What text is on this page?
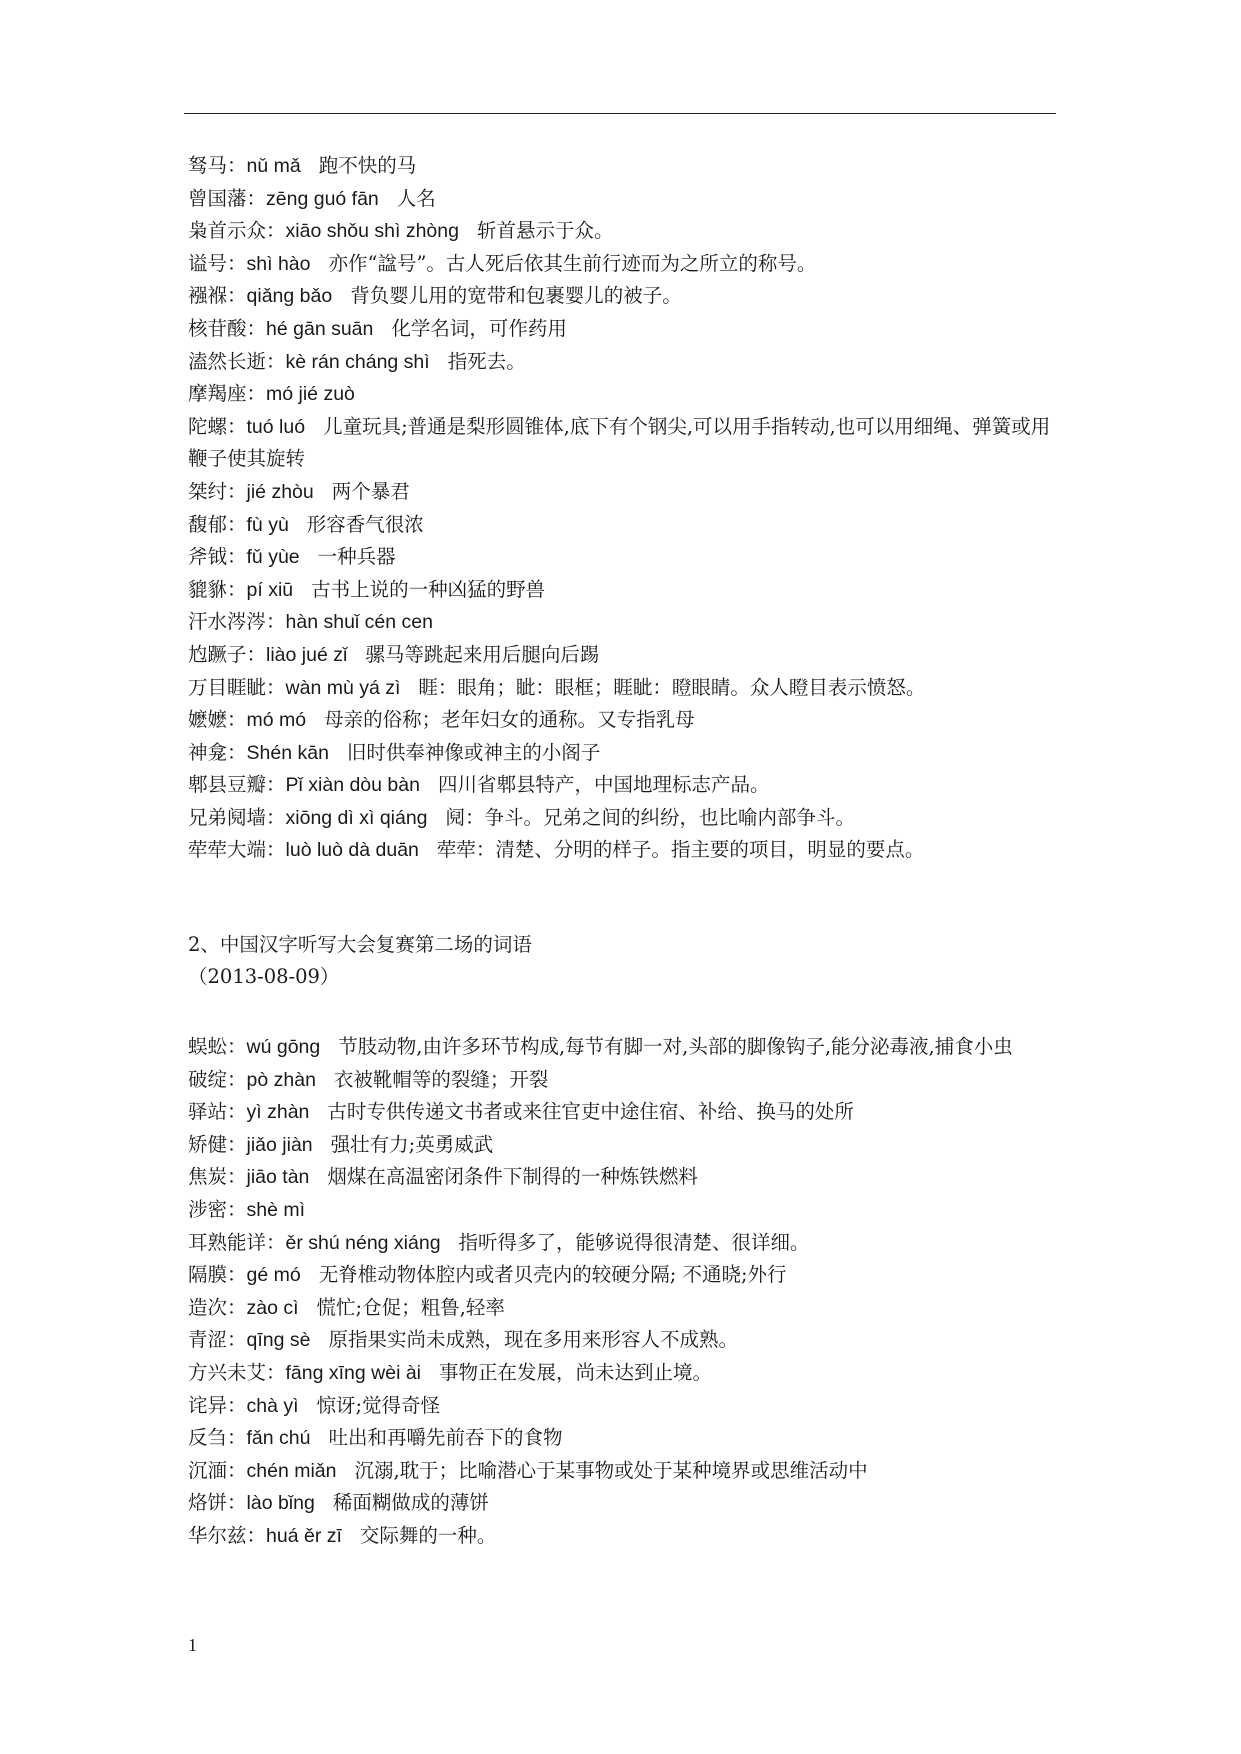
驽马：nǔ mǎ 跑不快的马
曾国藩：zēng guó fān 人名
枭首示众：xiāo shǒu shì zhòng 斩首悬示于众。
谥号：shì hào 亦作“諡号”。古人死后依其生前行迹而为之所立的称号。
襁褓：qiǎng bǎo 背负婴儿用的宽带和包裹婴儿的被子。
核苷酸：hé gān suān 化学名词，可作药用
溘然长逝：kè rán cháng shì 指死去。
摩羯座：mó jié zuò
陀螺：tuó luó 儿童玩具;普通是梨形圆锥体,底下有个钢尖,可以用手指转动,也可以用细绳、弹簧或用鞭子使其旋转
桀纣：jié zhòu 两个暴君
馥郁：fù yù 形容香气很浓
斧钺：fǔ yùe 一种兵器
貔貅：pí xiū 古书上说的一种凶猛的野兽
汗水涔涔：hàn shuǐ cén cen
尥蹶子：liào jué zǐ 骡马等跳起来用后腿向后踢
万目睚眦：wàn mù yá zì 睚：眼角；眦：眼框；睚眦：瞪眼睛。众人瞪目表示愤怒。
嬷嬷：mó mó 母亲的俗称；老年妇女的通称。又专指乳母
神龛：Shén kān 旧时供奉神像或神主的小阁子
郫县豆瓣：Pǐ xiàn dòu bàn 四川省郫县特产，中国地理标志产品。
兄弟阋墙：xiōng dì xì qiáng 阋：争斗。兄弟之间的纠纷，也比喻内部争斗。
荦荦大端：luò luò dà duān 荦荦：清楚、分明的样子。指主要的项目，明显的要点。
2、中国汉字听写大会复赛第二场的词语
（2013-08-09）
蜈蚣：wú gōng 节肢动物,由许多环节构成,每节有脚一对,头部的脚像钩子,能分泌毒液,捕食小虫
破绽：pò zhàn 衣被靴帽等的裂缝；开裂
驿站：yì zhàn 古时专供传递文书者或来往官吏中途住宿、补给、换马的处所
矫健：jiǎo jiàn 强壮有力;英勇威武
焦炭：jiāo tàn 烟煤在高温密闭条件下制得的一种炼铁燃料
涉密：shè mì
耳熟能详：ěr shú néng xiáng 指听得多了，能够说得很清楚、很详细。
隔膜：gé mó 无脊椎动物体腔内或者贝壳内的较硬分隔; 不通晓;外行
造次：zào cì 慌忙;仓促；粗鲁,轻率
青涩：qīng sè 原指果实尚未成熟，现在多用来形容人不成熟。
方兴未艾：fāng xīng wèi ài 事物正在发展，尚未达到止境。
诧异：chà yì 惊讶;觉得奇怪
反刍：fǎn chú 吐出和再嚼先前吞下的食物
沉湎：chén miǎn 沉溺,耽于；比喻潜心于某事物或处于某种境界或思维活动中
烙饼：lào bǐng 稀面糊做成的薄饼
华尔兹：huá ěr zī 交际舞的一种。
1
